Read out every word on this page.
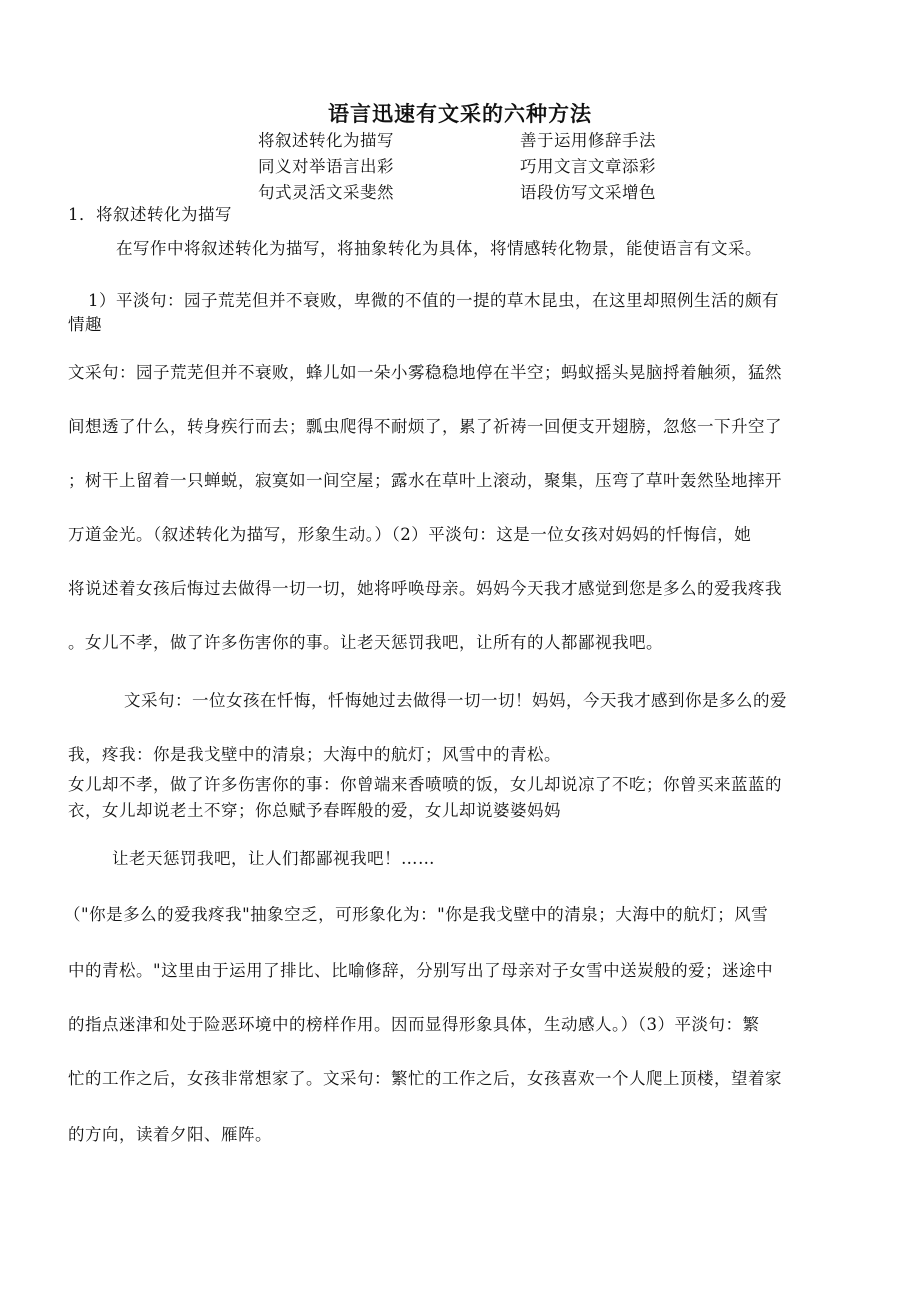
语言迅速有文采的六种方法
将叙述转化为描写
同义对举语言出彩
句式灵活文采斐然
善于运用修辞手法
巧用文言文章添彩
语段仿写文采增色
1．将叙述转化为描写
在写作中将叙述转化为描写，将抽象转化为具体，将情感转化物景，能使语言有文采。
1）平淡句：园子荒芜但并不衰败，卑微的不值的一提的草木昆虫，在这里却照例生活的颇有
情趣
文采句：园子荒芜但并不衰败，蜂儿如一朵小雾稳稳地停在半空；蚂蚁摇头晃脑捋着触须，猛然
间想透了什么，转身疾行而去；瓢虫爬得不耐烦了，累了祈祷一回便支开翅膀，忽悠一下升空了
；树干上留着一只蝉蜕，寂寞如一间空屋；露水在草叶上滚动，聚集，压弯了草叶轰然坠地摔开
万道金光。（叙述转化为描写，形象生动。）（2）平淡句：这是一位女孩对妈妈的忏悔信，她
将说述着女孩后悔过去做得一切一切，她将呼唤母亲。妈妈今天我才感觉到您是多么的爱我疼我
。女儿不孝，做了许多伤害你的事。让老天惩罚我吧，让所有的人都鄙视我吧。
文采句：一位女孩在忏悔，忏悔她过去做得一切一切！妈妈，今天我才感到你是多么的爱
我，疼我：你是我戈壁中的清泉；大海中的航灯；风雪中的青松。
女儿却不孝，做了许多伤害你的事：你曾端来香喷喷的饭，女儿却说凉了不吃；你曾买来蓝蓝的
衣，女儿却说老土不穿；你总赋予春晖般的爱，女儿却说婆婆妈妈
让老天惩罚我吧，让人们都鄙视我吧！……
（"你是多么的爱我疼我"抽象空乏，可形象化为："你是我戈壁中的清泉；大海中的航灯；风雪
中的青松。"这里由于运用了排比、比喻修辞，分别写出了母亲对子女雪中送炭般的爱；迷途中
的指点迷津和处于险恶环境中的榜样作用。因而显得形象具体，生动感人。）（3）平淡句：繁
忙的工作之后，女孩非常想家了。文采句：繁忙的工作之后，女孩喜欢一个人爬上顶楼，望着家
的方向，读着夕阳、雁阵。
